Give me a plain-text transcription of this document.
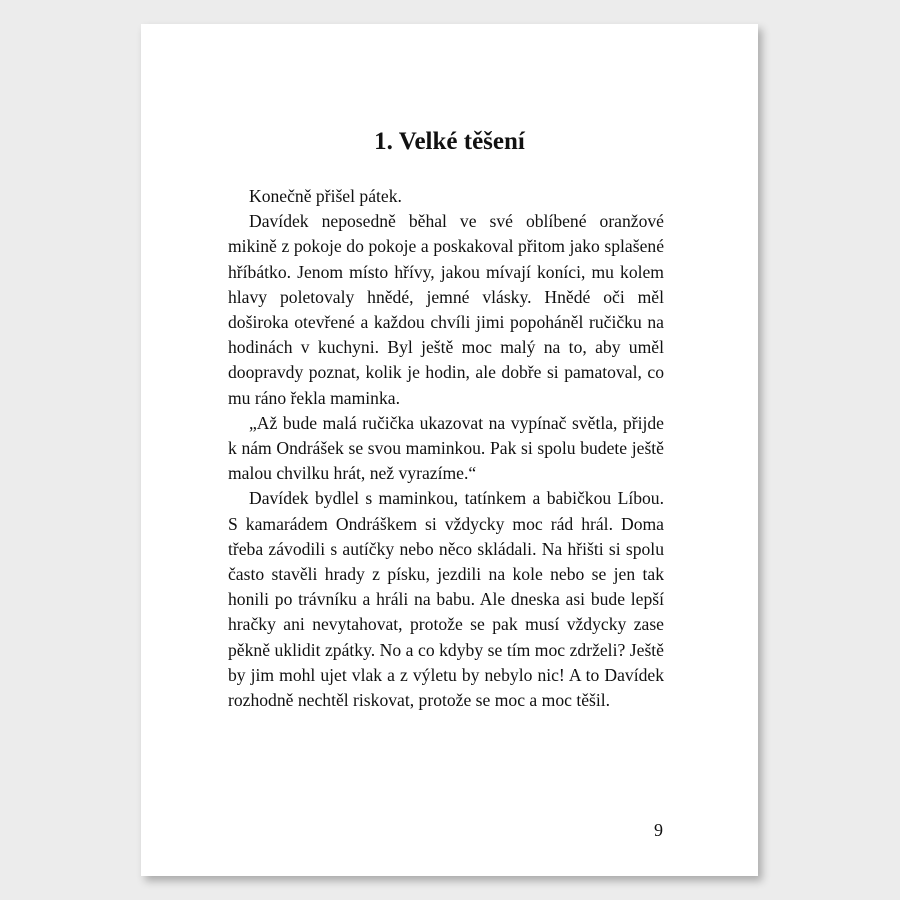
1. Velké těšení

Konečně přišel pátek.

Davídek neposedně běhal ve své oblíbené oranžové mikině z pokoje do pokoje a poskakoval přitom jako splašené hříbátko. Jenom místo hřívy, jakou mívají koníci, mu kolem hlavy poletovaly hnědé, jemné vlásky. Hnědé oči měl doširoka otevřené a každou chvíli jimi popoháněl ručičku na hodinách v kuchyni. Byl ještě moc malý na to, aby uměl doopravdy poznat, kolik je hodin, ale dobře si pamatoval, co mu ráno řekla maminka.

„Až bude malá ručička ukazovat na vypínač světla, přijde k nám Ondrášek se svou maminkou. Pak si spolu budete ještě malou chvilku hrát, než vyrazíme.“

Davídek bydlel s maminkou, tatínkem a babičkou Líbou. S kamarádem Ondráškem si vždycky moc rád hrál. Doma třeba závodili s autíčky nebo něco skládali. Na hřišti si spolu často stavěli hrady z písku, jezdili na kole nebo se jen tak honili po trávníku a hráli na babu. Ale dneska asi bude lepší hračky ani nevytahovat, protože se pak musí vždycky zase pěkně uklidit zpátky. No a co kdyby se tím moc zdrželi? Ještě by jim mohl ujet vlak a z výletu by nebylo nic! A to Davídek rozhodně nechtěl riskovat, protože se moc a moc těšil.

9
